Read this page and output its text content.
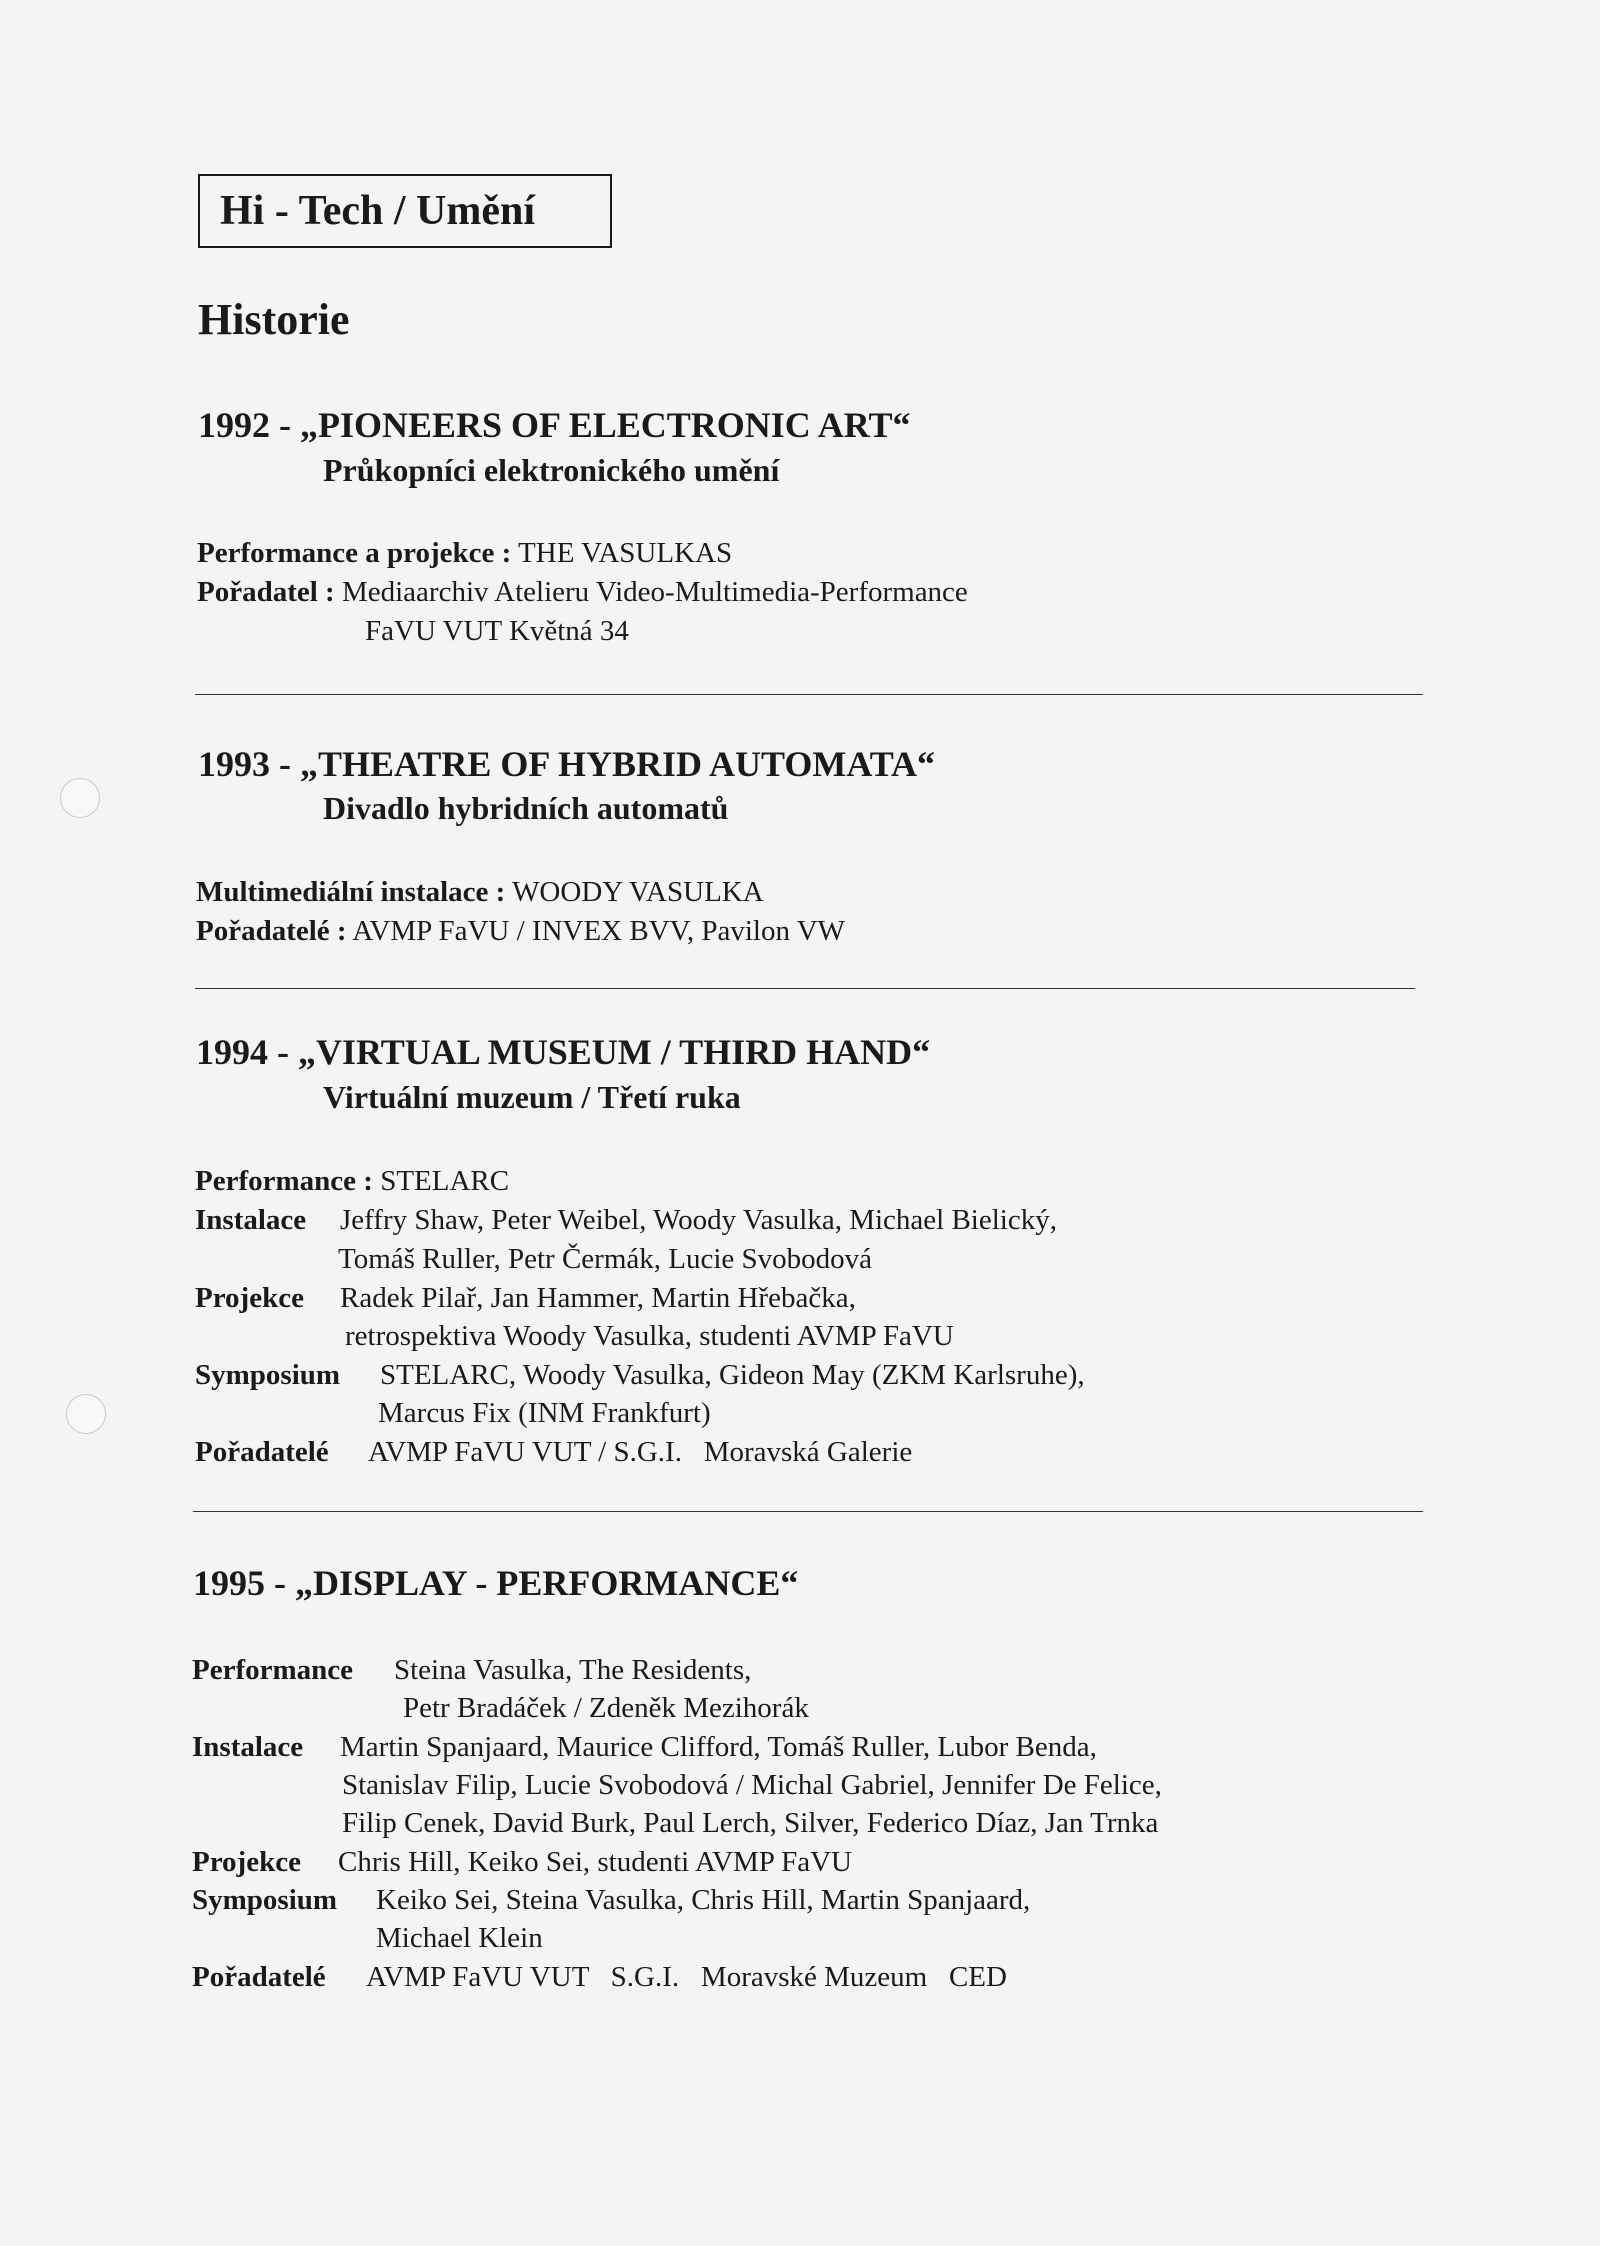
Hi - Tech / Umění
Historie
1992 - „PIONEERS OF ELECTRONIC ART“
Průkopníci elektronického umění
Performance a projekce : THE VASULKAS
Pořadatel : Mediaarchiv Atelieru Video-Multimedia-Performance
FaVU VUT Květná 34
1993 - „THEATRE OF HYBRID AUTOMATA“
Divadlo hybridních automatů
Multimediální instalace : WOODY VASULKA
Pořadatelé : AVMP FaVU / INVEX BVV, Pavilon VW
1994 - „VIRTUAL MUSEUM / THIRD HAND“
Virtuální muzeum / Třetí ruka
Performance : STELARC
Instalace Jeffry Shaw, Peter Weibel, Woody Vasulka, Michael Bielický,
Tomáš Ruller, Petr Čermák, Lucie Svobodová
Projekce Radek Pilař, Jan Hammer, Martin Hřebačka,
retrospektiva Woody Vasulka, studenti AVMP FaVU
Symposium STELARC, Woody Vasulka, Gideon May (ZKM Karlsruhe),
Marcus Fix (INM Frankfurt)
Pořadatelé AVMP FaVU VUT / S.G.I.   Moravská Galerie
1995 - „DISPLAY - PERFORMANCE“
Performance Steina Vasulka, The Residents,
Petr Bradáček / Zdeněk Mezihorák
Instalace Martin Spanjaard, Maurice Clifford, Tomáš Ruller, Lubor Benda,
Stanislav Filip, Lucie Svobodová / Michal Gabriel, Jennifer De Felice,
Filip Cenek, David Burk, Paul Lerch, Silver, Federico Díaz, Jan Trnka
Projekce Chris Hill, Keiko Sei, studenti AVMP FaVU
Symposium Keiko Sei, Steina Vasulka, Chris Hill, Martin Spanjaard,
Michael Klein
Pořadatelé AVMP FaVU VUT   S.G.I.   Moravské Muzeum   CED
